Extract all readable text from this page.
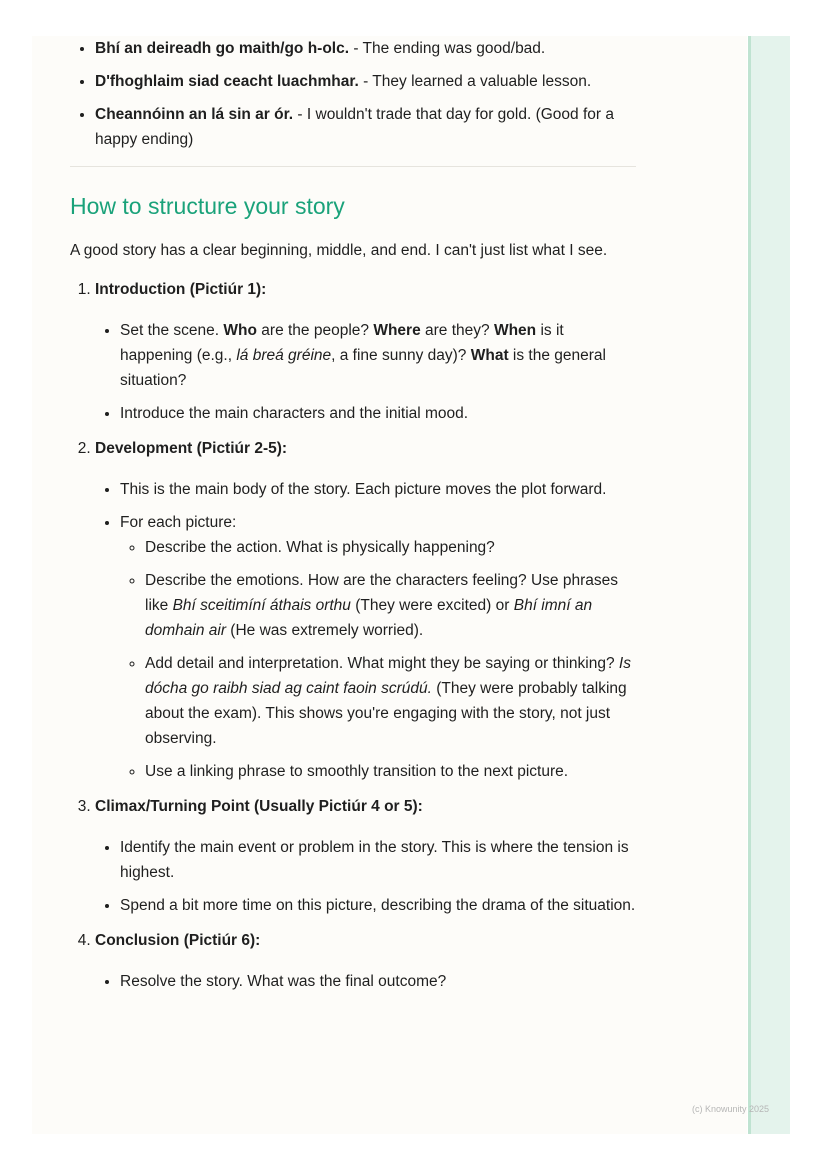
(c) Knowunity 2025
• Bhí an deireadh go maith/go h-olc. - The ending was good/bad.
• D'fhoghlaim siad ceacht luachmhar. - They learned a valuable lesson.
• Cheannóinn an lá sin ar ór. - I wouldn't trade that day for gold. (Good for a happy ending)
How to structure your story

A good story has a clear beginning, middle, and end. I can't just list what I see.

1. Introduction (Pictiúr 1):
• Set the scene. Who are the people? Where are they? When is it happening (e.g., lá breá gréine, a fine sunny day)? What is the general situation?
• Introduce the main characters and the initial mood.
2. Development (Pictiúr 2-5):
• This is the main body of the story. Each picture moves the plot forward.
• For each picture:
◦ Describe the action. What is physically happening?
◦ Describe the emotions. How are the characters feeling? Use phrases like Bhí sceitimíní áthais orthu (They were excited) or Bhí imní an domhain air (He was extremely worried).
◦ Add detail and interpretation. What might they be saying or thinking? Is dócha go raibh siad ag caint faoin scrúdú. (They were probably talking about the exam). This shows you're engaging with the story, not just observing.
◦ Use a linking phrase to smoothly transition to the next picture.
3. Climax/Turning Point (Usually Pictiúr 4 or 5):
• Identify the main event or problem in the story. This is where the tension is highest.
• Spend a bit more time on this picture, describing the drama of the situation.
4. Conclusion (Pictiúr 6):
• Resolve the story. What was the final outcome?
